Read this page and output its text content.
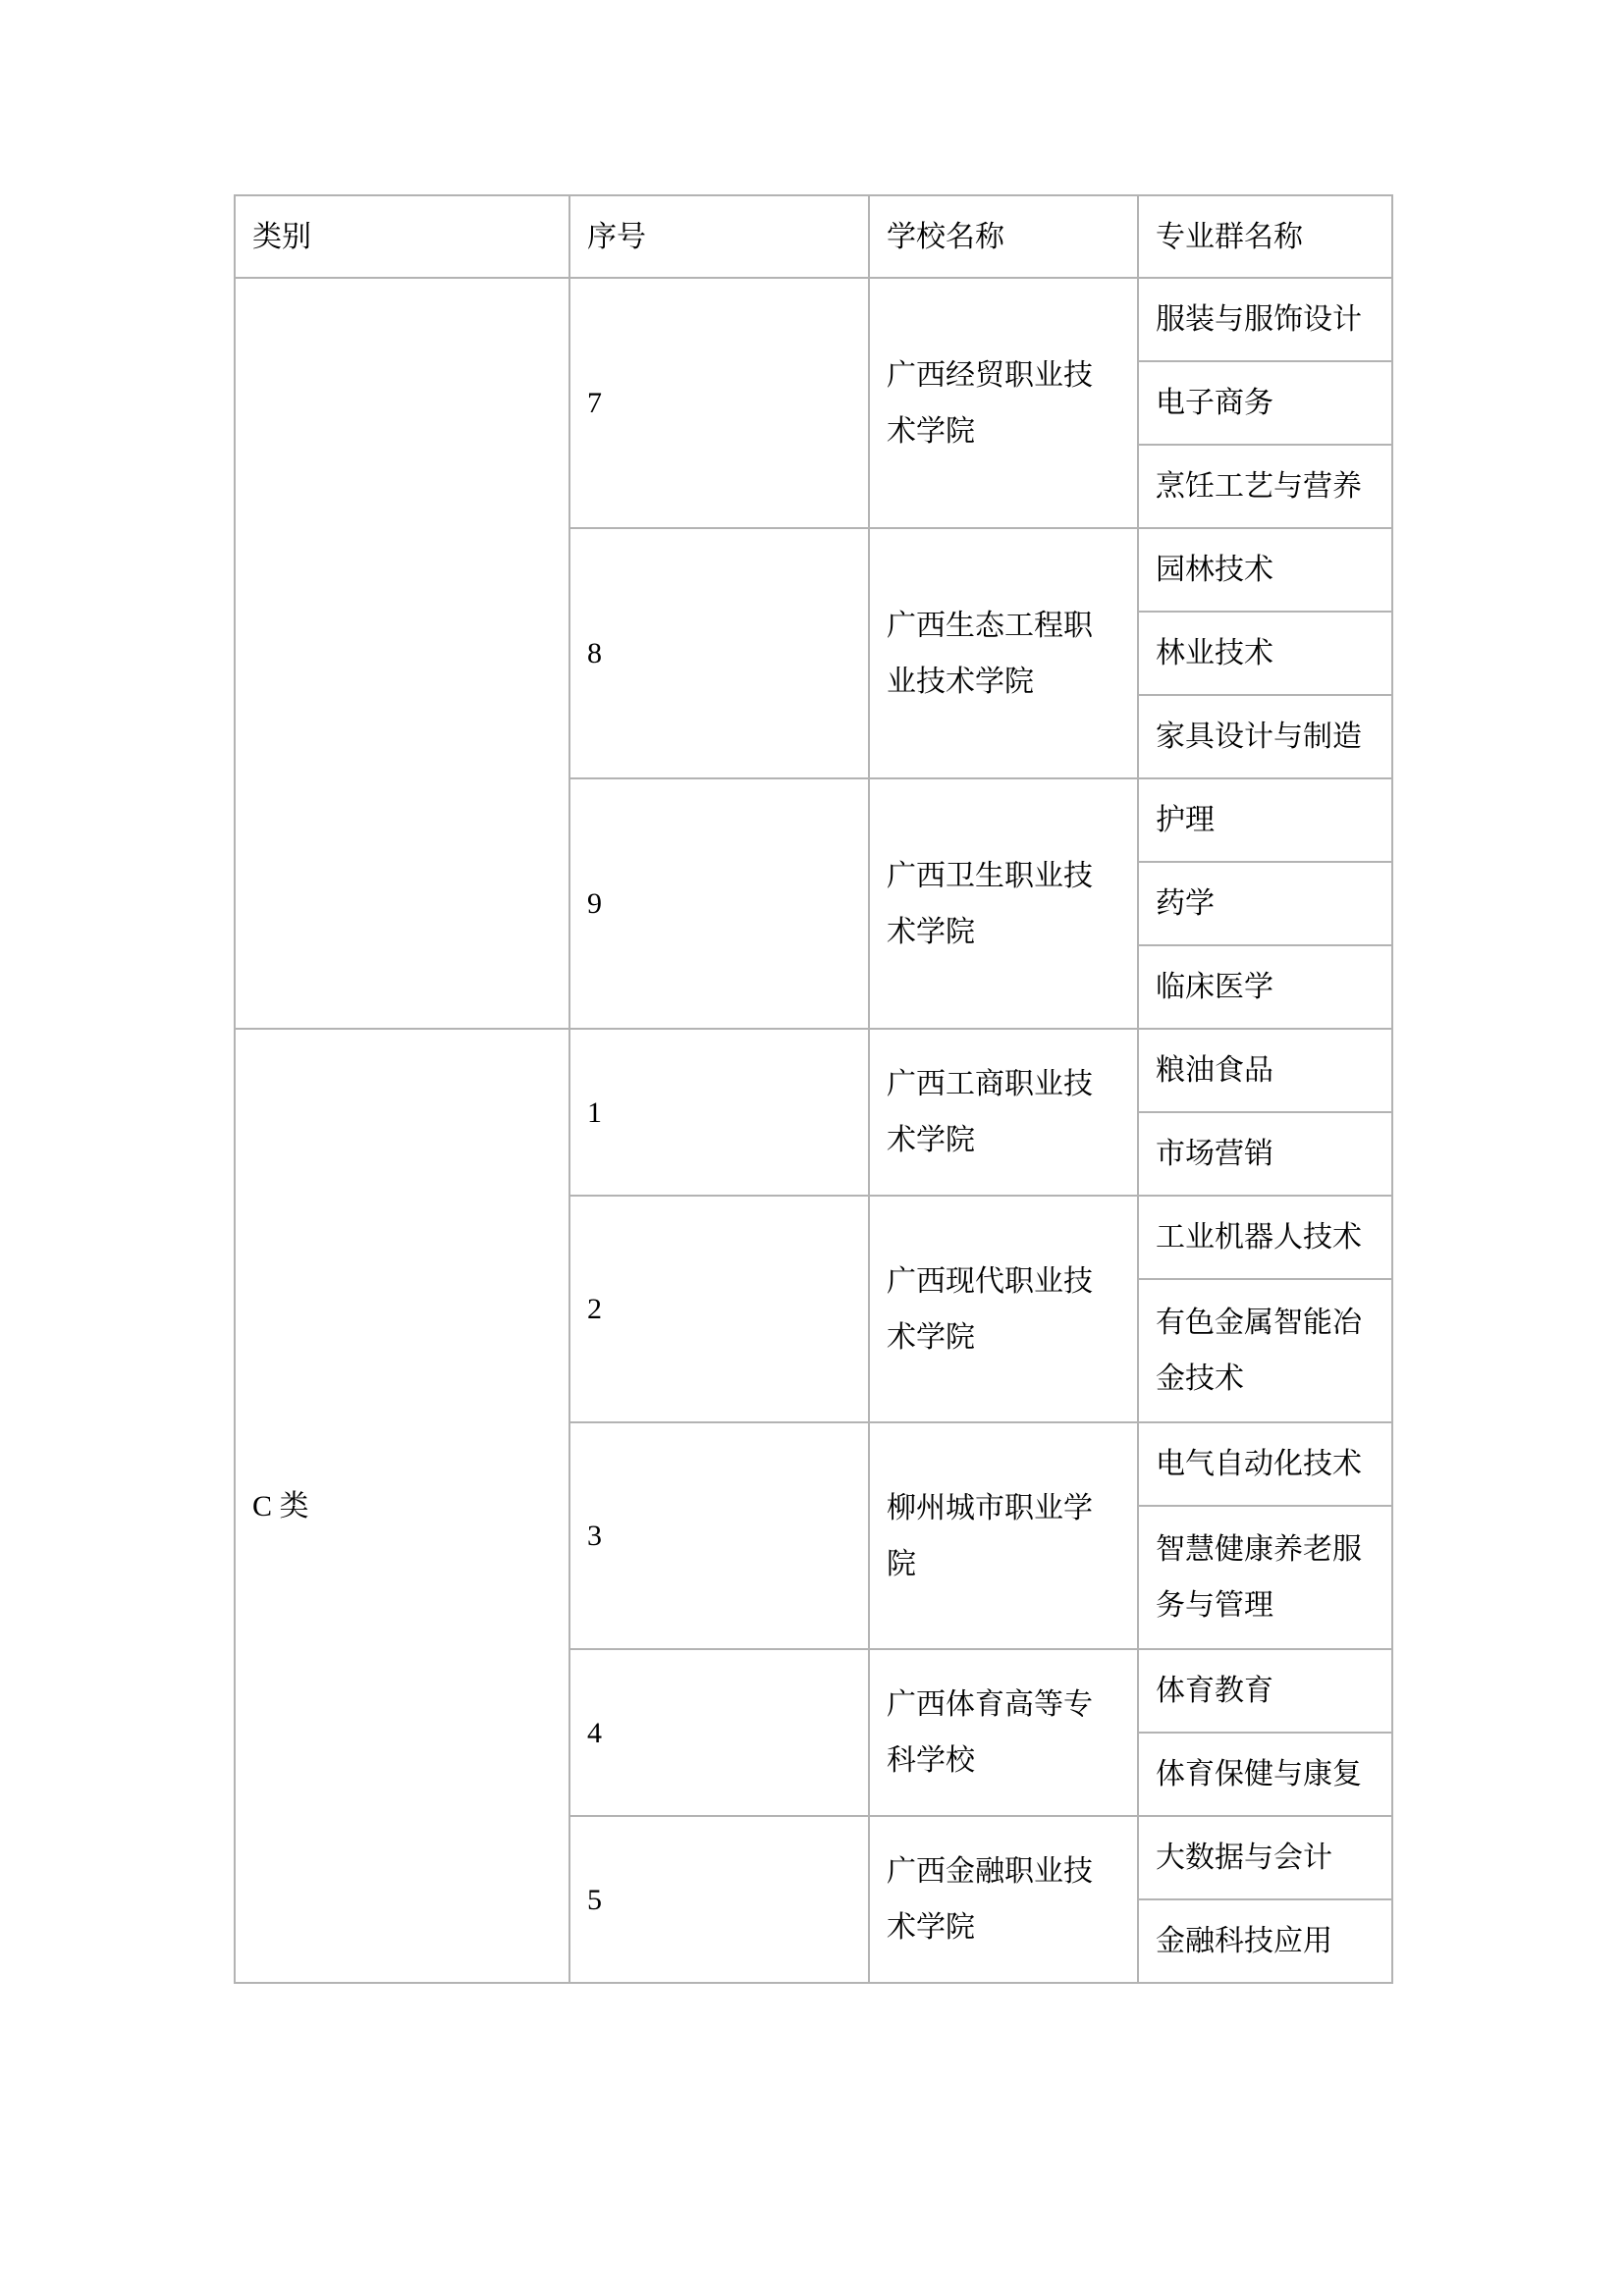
类别	序号	学校名称	专业群名称
	7	广西经贸职业技术学院	服装与服饰设计
			电子商务
			烹饪工艺与营养
	8	广西生态工程职业技术学院	园林技术
			林业技术
			家具设计与制造
	9	广西卫生职业技术学院	护理
			药学
			临床医学
C 类	1	广西工商职业技术学院	粮油食品
			市场营销
	2	广西现代职业技术学院	工业机器人技术
			有色金属智能冶金技术
	3	柳州城市职业学院	电气自动化技术
			智慧健康养老服务与管理
	4	广西体育高等专科学校	体育教育
			体育保健与康复
	5	广西金融职业技术学院	大数据与会计
			金融科技应用
